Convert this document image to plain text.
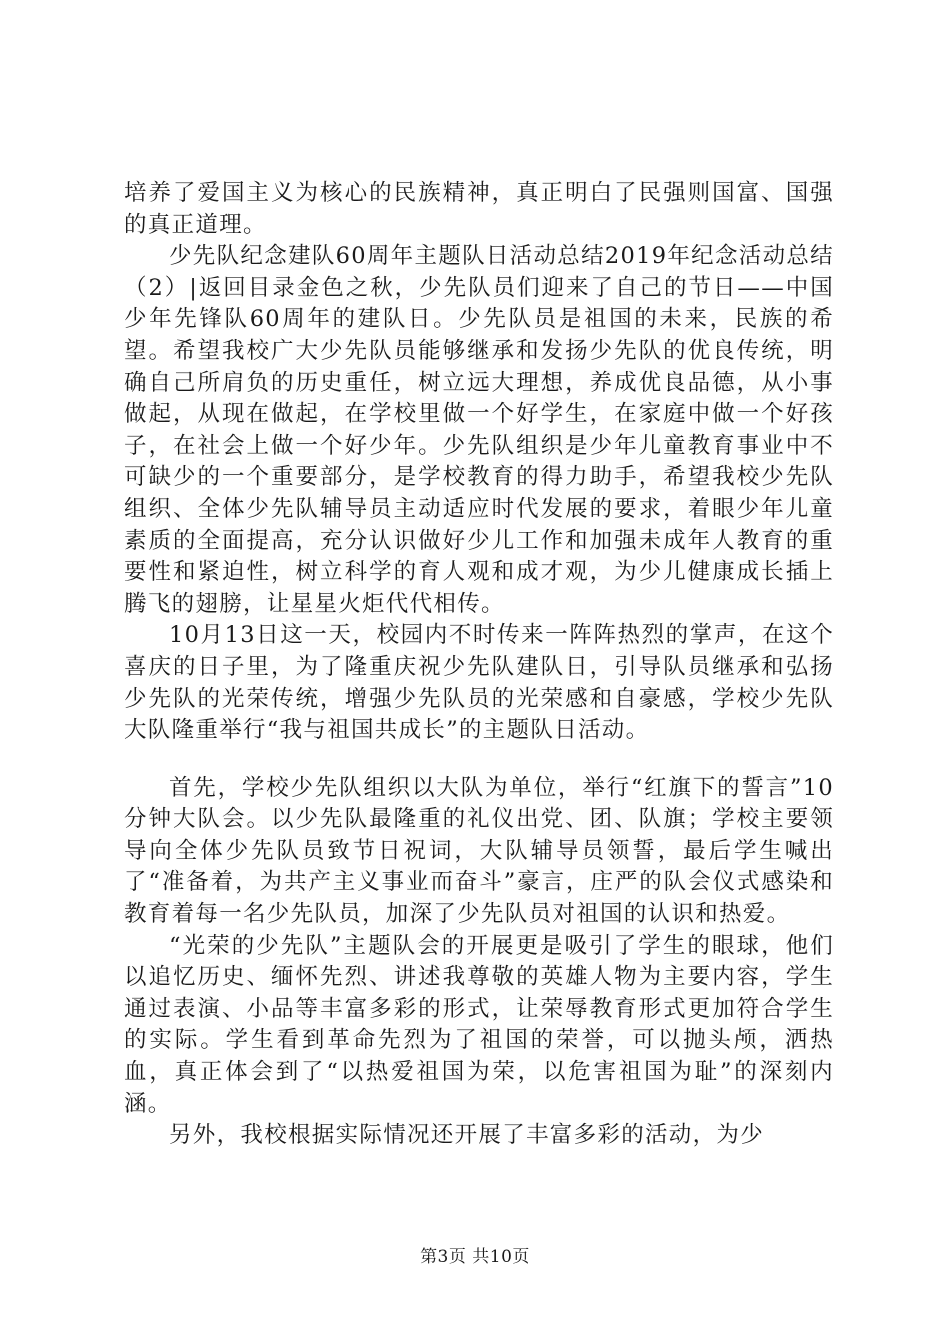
培养了爱国主义为核心的民族精神，真正明白了民强则国富、国强的真正道理。

少先队纪念建队60周年主题队日活动总结2019年纪念活动总结（2）|返回目录金色之秋，少先队员们迎来了自己的节日——中国少年先锋队60周年的建队日。少先队员是祖国的未来，民族的希望。希望我校广大少先队员能够继承和发扬少先队的优良传统，明确自己所肩负的历史重任，树立远大理想，养成优良品德，从小事做起，从现在做起，在学校里做一个好学生，在家庭中做一个好孩子，在社会上做一个好少年。少先队组织是少年儿童教育事业中不可缺少的一个重要部分，是学校教育的得力助手，希望我校少先队组织、全体少先队辅导员主动适应时代发展的要求，着眼少年儿童素质的全面提高，充分认识做好少儿工作和加强未成年人教育的重要性和紧迫性，树立科学的育人观和成才观，为少儿健康成长插上腾飞的翅膀，让星星火炬代代相传。

10月13日这一天，校园内不时传来一阵阵热烈的掌声，在这个喜庆的日子里，为了隆重庆祝少先队建队日，引导队员继承和弘扬少先队的光荣传统，增强少先队员的光荣感和自豪感，学校少先队大队隆重举行“我与祖国共成长”的主题队日活动。

首先，学校少先队组织以大队为单位，举行“红旗下的誓言”10分钟大队会。以少先队最隆重的礼仪出党、团、队旗；学校主要领导向全体少先队员致节日祝词，大队辅导员领誓，最后学生喊出了“准备着，为共产主义事业而奋斗”豪言，庄严的队会仪式感染和教育着每一名少先队员，加深了少先队员对祖国的认识和热爱。

“光荣的少先队”主题队会的开展更是吸引了学生的眼球，他们以追忆历史、缅怀先烈、讲述我尊敬的英雄人物为主要内容，学生通过表演、小品等丰富多彩的形式，让荣辱教育形式更加符合学生的实际。学生看到革命先烈为了祖国的荣誉，可以抛头颅，洒热血，真正体会到了“以热爱祖国为荣，以危害祖国为耻”的深刻内涵。

另外，我校根据实际情况还开展了丰富多彩的活动，为少

第3页 共10页
